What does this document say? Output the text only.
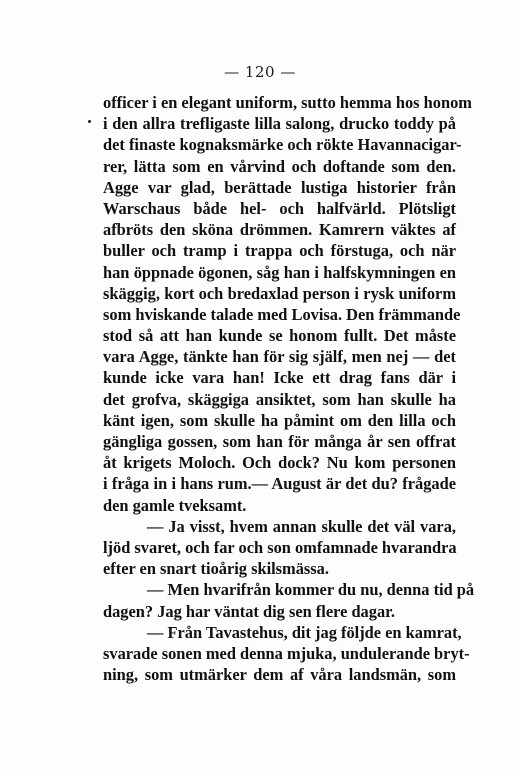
— 120 —
officer i en elegant uniform, sutto hemma hos honom
i den allra trefligaste lilla salong, drucko toddy på
det finaste kognaksmärke och rökte Havannacigar-
rer, lätta som en vårvind och doftande som den.
Agge var glad, berättade lustiga historier från
Warschaus både hel- och halfvärld. Plötsligt
afbröts den sköna drömmen. Kamrern väktes af
buller och tramp i trappa och förstuga, och när
han öppnade ögonen, såg han i halfskymningen en
skäggig, kort och bredaxlad person i rysk uniform
som hviskande talade med Lovisa. Den främmande
stod så att han kunde se honom fullt. Det måste
vara Agge, tänkte han för sig själf, men nej — det
kunde icke vara han! Icke ett drag fans där i
det grofva, skäggiga ansiktet, som han skulle ha
känt igen, som skulle ha påmint om den lilla och
gängliga gossen, som han för många år sen offrat
åt krigets Moloch. Och dock? Nu kom personen
i fråga in i hans rum.— August är det du? frågade
den gamle tveksamt.
— Ja visst, hvem annan skulle det väl vara,
ljöd svaret, och far och son omfamnade hvarandra
efter en snart tioårig skilsmässa.
— Men hvarifrån kommer du nu, denna tid på
dagen? Jag har väntat dig sen flere dagar.
— Från Tavastehus, dit jag följde en kamrat,
svarade sonen med denna mjuka, undulerande bryt-
ning, som utmärker dem af våra landsmän, som
